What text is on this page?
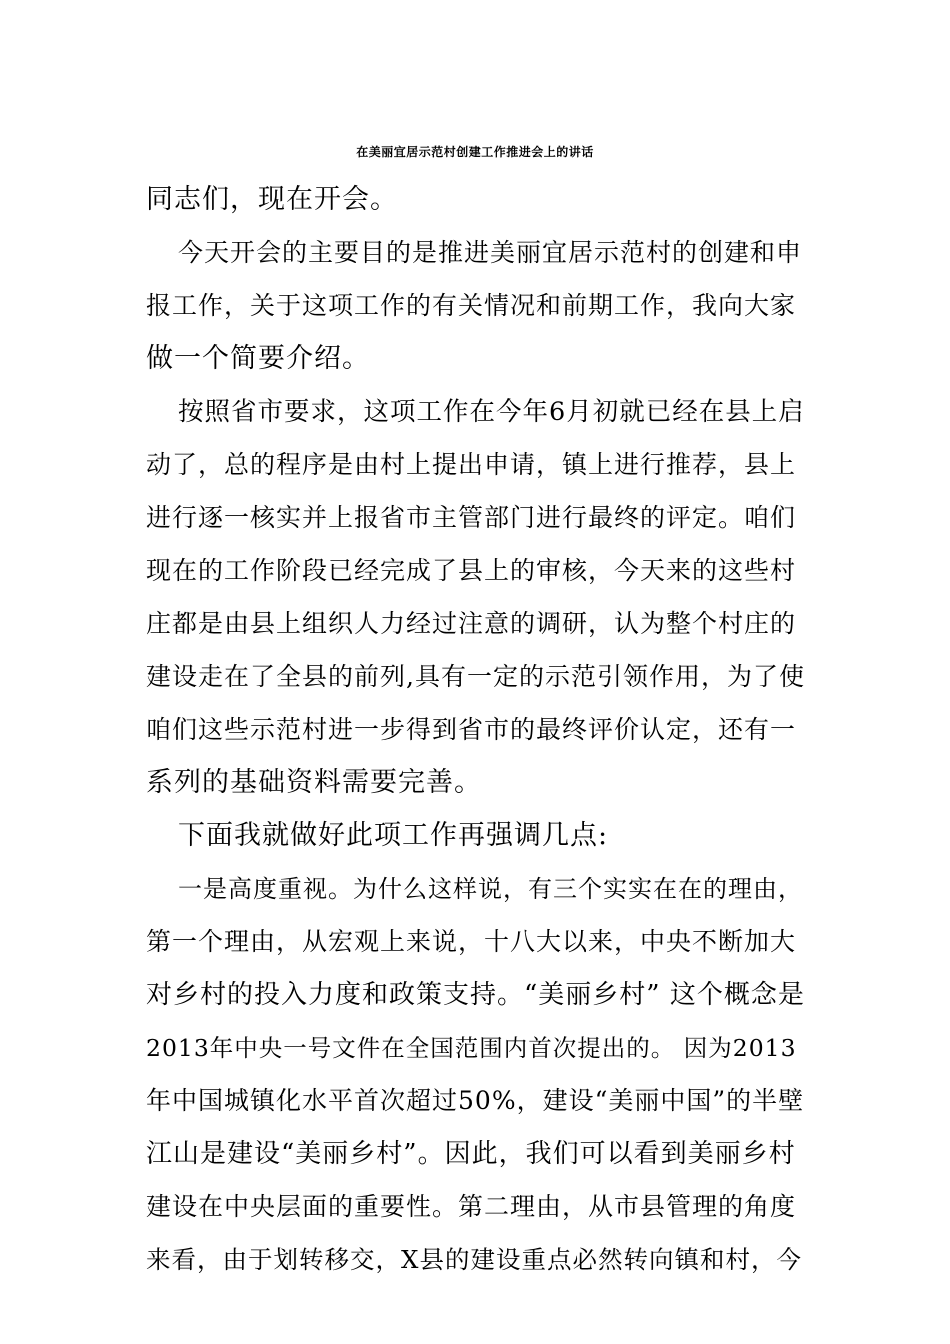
在美丽宜居示范村创建工作推进会上的讲话
同志们，现在开会。
今天开会的主要目的是推进美丽宜居示范村的创建和申
报工作，关于这项工作的有关情况和前期工作，我向大家
做一个简要介绍。
按照省市要求，这项工作在今年6月初就已经在县上启
动了，总的程序是由村上提出申请，镇上进行推荐，县上
进行逐一核实并上报省市主管部门进行最终的评定。咱们
现在的工作阶段已经完成了县上的审核，今天来的这些村
庄都是由县上组织人力经过注意的调研，认为整个村庄的
建设走在了全县的前列,具有一定的示范引领作用，为了使
咱们这些示范村进一步得到省市的最终评价认定，还有一
系列的基础资料需要完善。
下面我就做好此项工作再强调几点:
一是高度重视。为什么这样说，有三个实实在在的理由，
第一个理由，从宏观上来说，十八大以来，中央不断加大
对乡村的投入力度和政策支持。“美丽乡村” 这个概念是
2013年中央一号文件在全国范围内首次提出的。 因为2013
年中国城镇化水平首次超过50%，建设“美丽中国”的半壁
江山是建设“美丽乡村”。因此，我们可以看到美丽乡村
建设在中央层面的重要性。第二理由，从市县管理的角度
来看，由于划转移交，X县的建设重点必然转向镇和村，今
